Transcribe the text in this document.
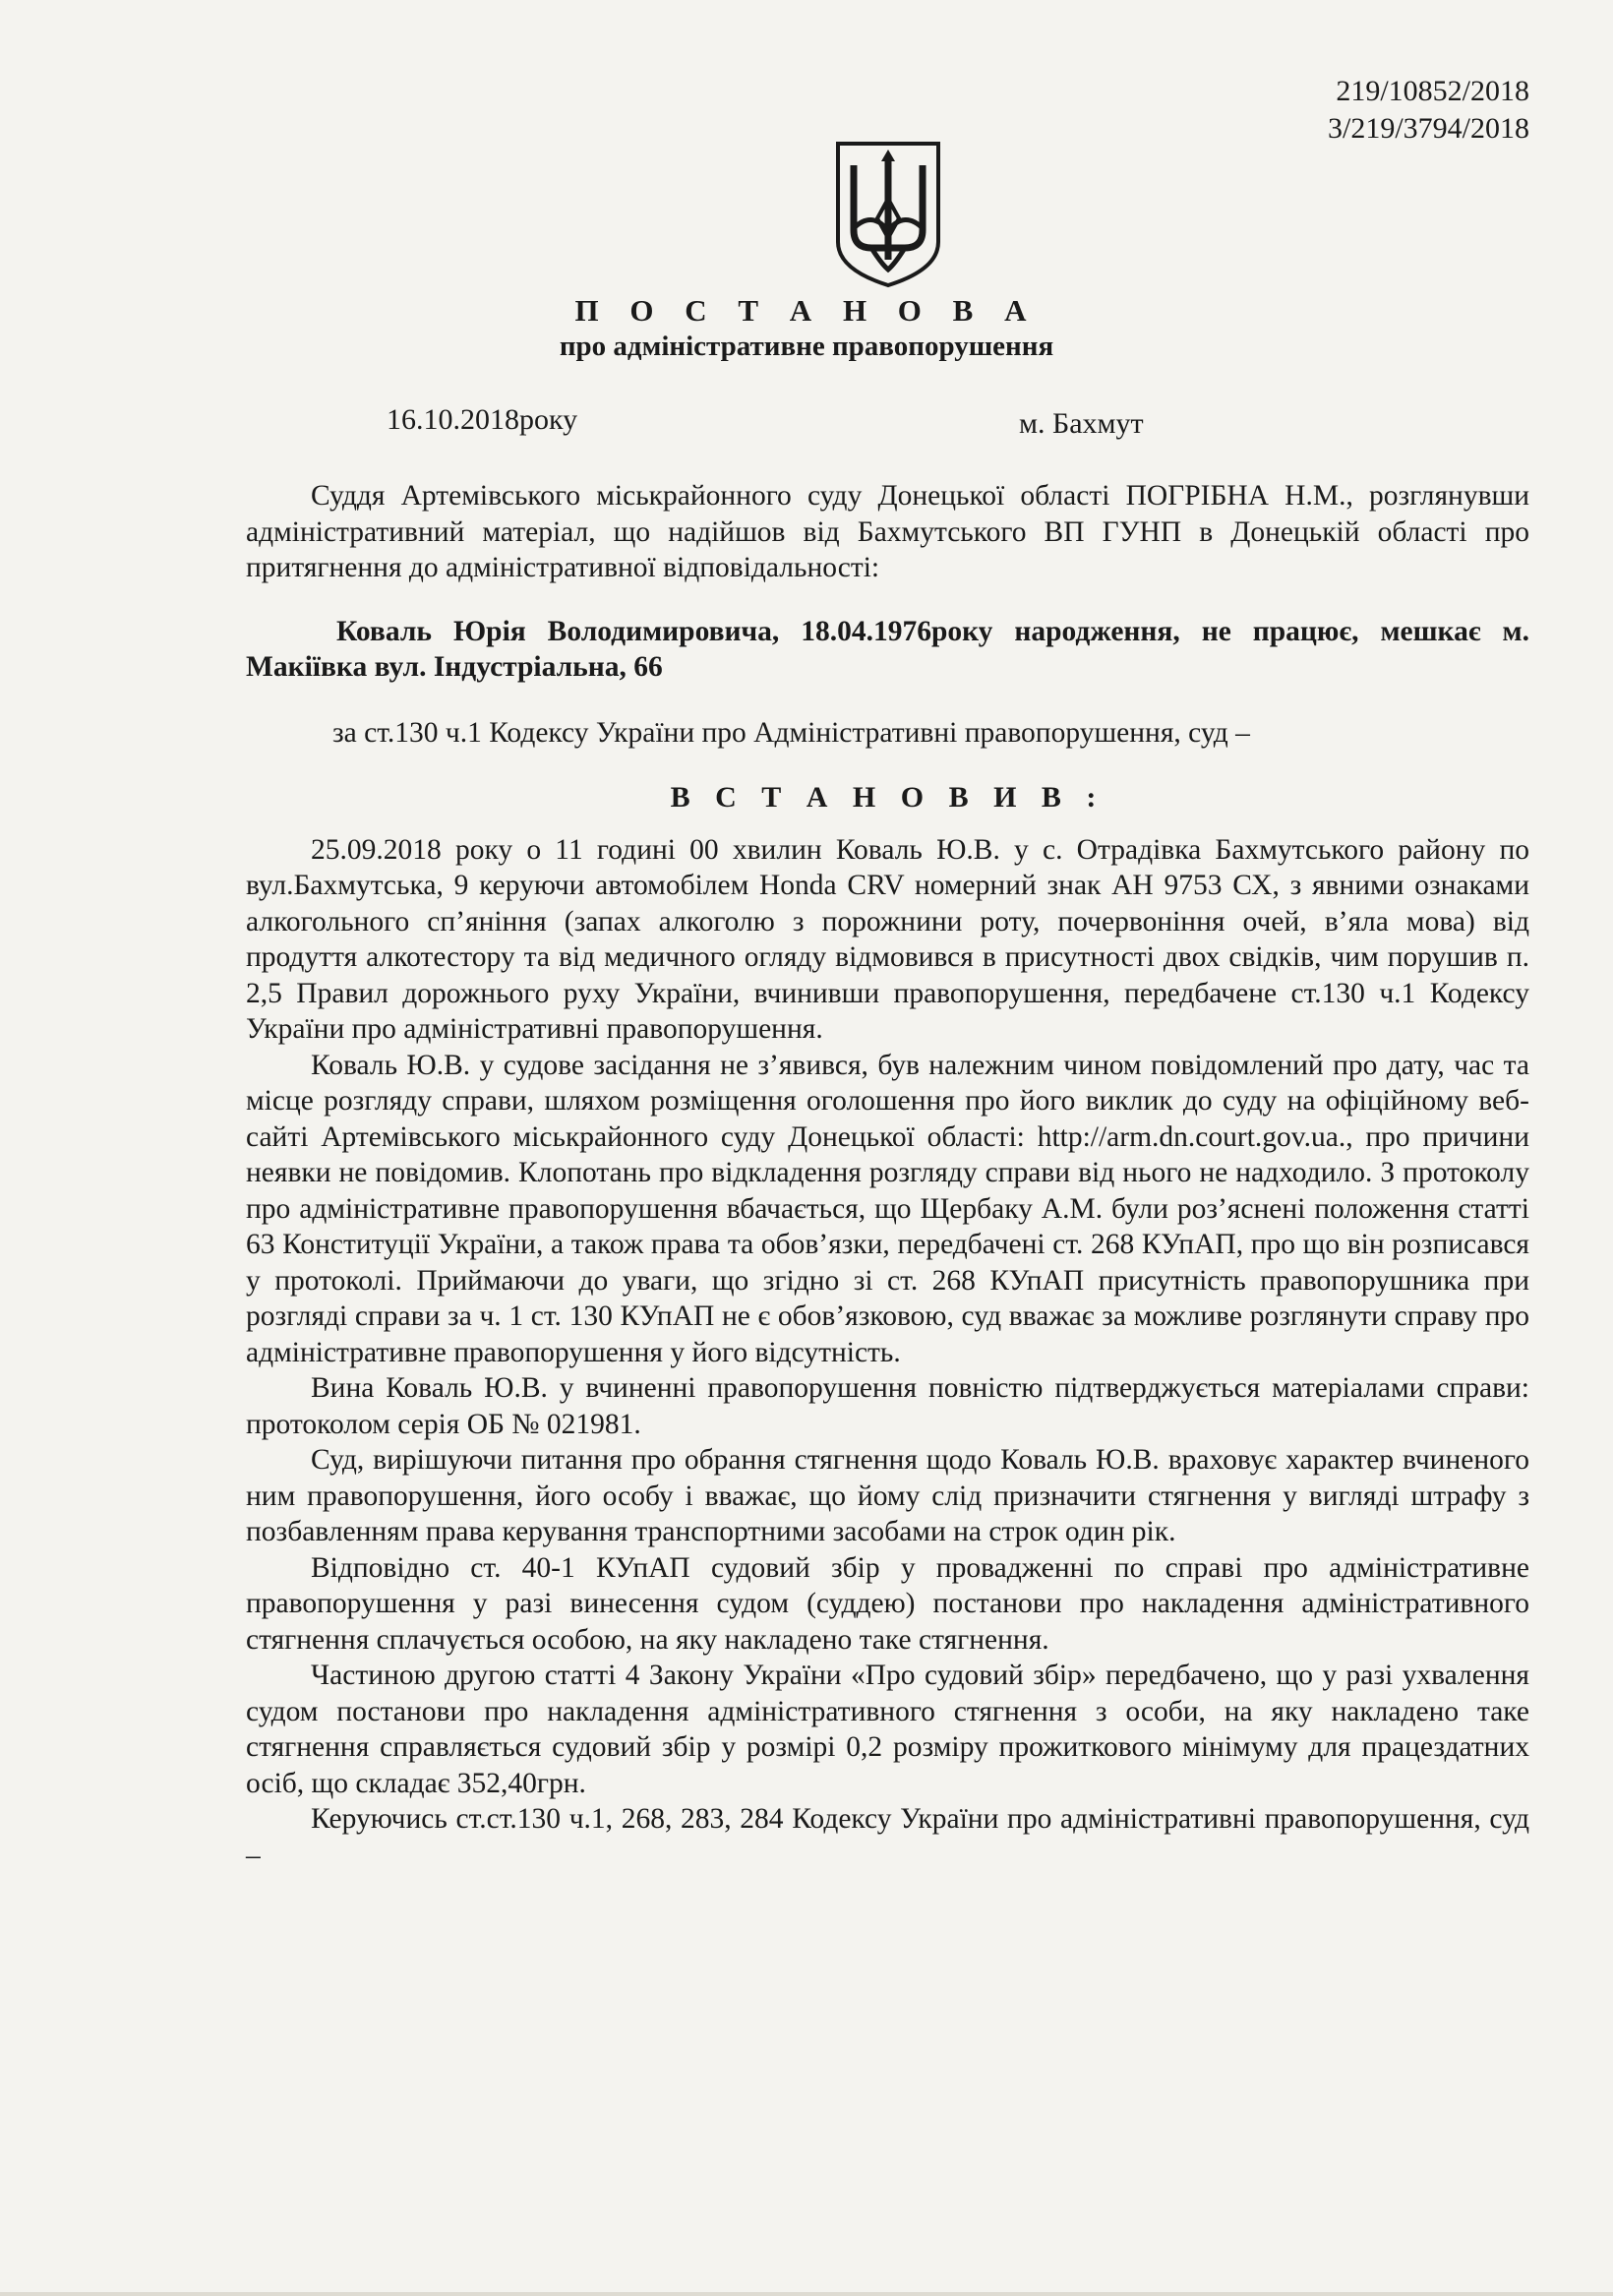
219/10852/2018
3/219/3794/2018
П О С Т А Н О В А
про адміністративне правопорушення
16.10.2018року	м. Бахмут

Суддя Артемівського міськрайонного суду Донецької області ПОГРІБНА Н.М., розглянувши адміністративний матеріал, що надійшов від Бахмутського ВП ГУНП в Донецькій області про притягнення до адміністративної відповідальності:

Коваль Юрія Володимировича, 18.04.1976року народження, не працює, мешкає м. Макіївка вул. Індустріальна, 66

за ст.130 ч.1 Кодексу України про Адміністративні правопорушення, суд –

В С Т А Н О В И В :

25.09.2018 року о 11 годині 00 хвилин Коваль Ю.В. у с. Отрадівка Бахмутського району по вул.Бахмутська, 9 керуючи автомобілем Honda CRV номерний знак АН 9753 СХ, з явними ознаками алкогольного сп’яніння (запах алкоголю з порожнини роту, почервоніння очей, в’яла мова) від продуття алкотестору та від медичного огляду відмовився в присутності двох свідків, чим порушив п. 2,5 Правил дорожнього руху України, вчинивши правопорушення, передбачене ст.130 ч.1 Кодексу України про адміністративні правопорушення.

Коваль Ю.В. у судове засідання не з’явився, був належним чином повідомлений про дату, час та місце розгляду справи, шляхом розміщення оголошення про його виклик до суду на офіційному веб-сайті Артемівського міськрайонного суду Донецької області: http://arm.dn.court.gov.ua., про причини неявки не повідомив. Клопотань про відкладення розгляду справи від нього не надходило. З протоколу про адміністративне правопорушення вбачається, що Щербаку А.М. були роз’яснені положення статті 63 Конституції України, а також права та обов’язки, передбачені ст. 268 КУпАП, про що він розписався у протоколі. Приймаючи до уваги, що згідно зі ст. 268 КУпАП присутність правопорушника при розгляді справи за ч. 1 ст. 130 КУпАП не є обов’язковою, суд вважає за можливе розглянути справу про адміністративне правопорушення у його відсутність.

Вина Коваль Ю.В. у вчиненні правопорушення повністю підтверджується матеріалами справи: протоколом серія ОБ № 021981.

Суд, вирішуючи питання про обрання стягнення щодо Коваль Ю.В. враховує характер вчиненого ним правопорушення, його особу і вважає, що йому слід призначити стягнення у вигляді штрафу з позбавленням права керування транспортними засобами на строк один рік.

Відповідно ст. 40-1 КУпАП судовий збір у провадженні по справі про адміністративне правопорушення у разі винесення судом (суддею) постанови про накладення адміністративного стягнення сплачується особою, на яку накладено таке стягнення.

Частиною другою статті 4 Закону України «Про судовий збір» передбачено, що у разі ухвалення судом постанови про накладення адміністративного стягнення з особи, на яку накладено таке стягнення справляється судовий збір у розмірі 0,2 розміру прожиткового мінімуму для працездатних осіб, що складає 352,40грн.

Керуючись ст.ст.130 ч.1, 268, 283, 284 Кодексу України про адміністративні правопорушення, суд –
